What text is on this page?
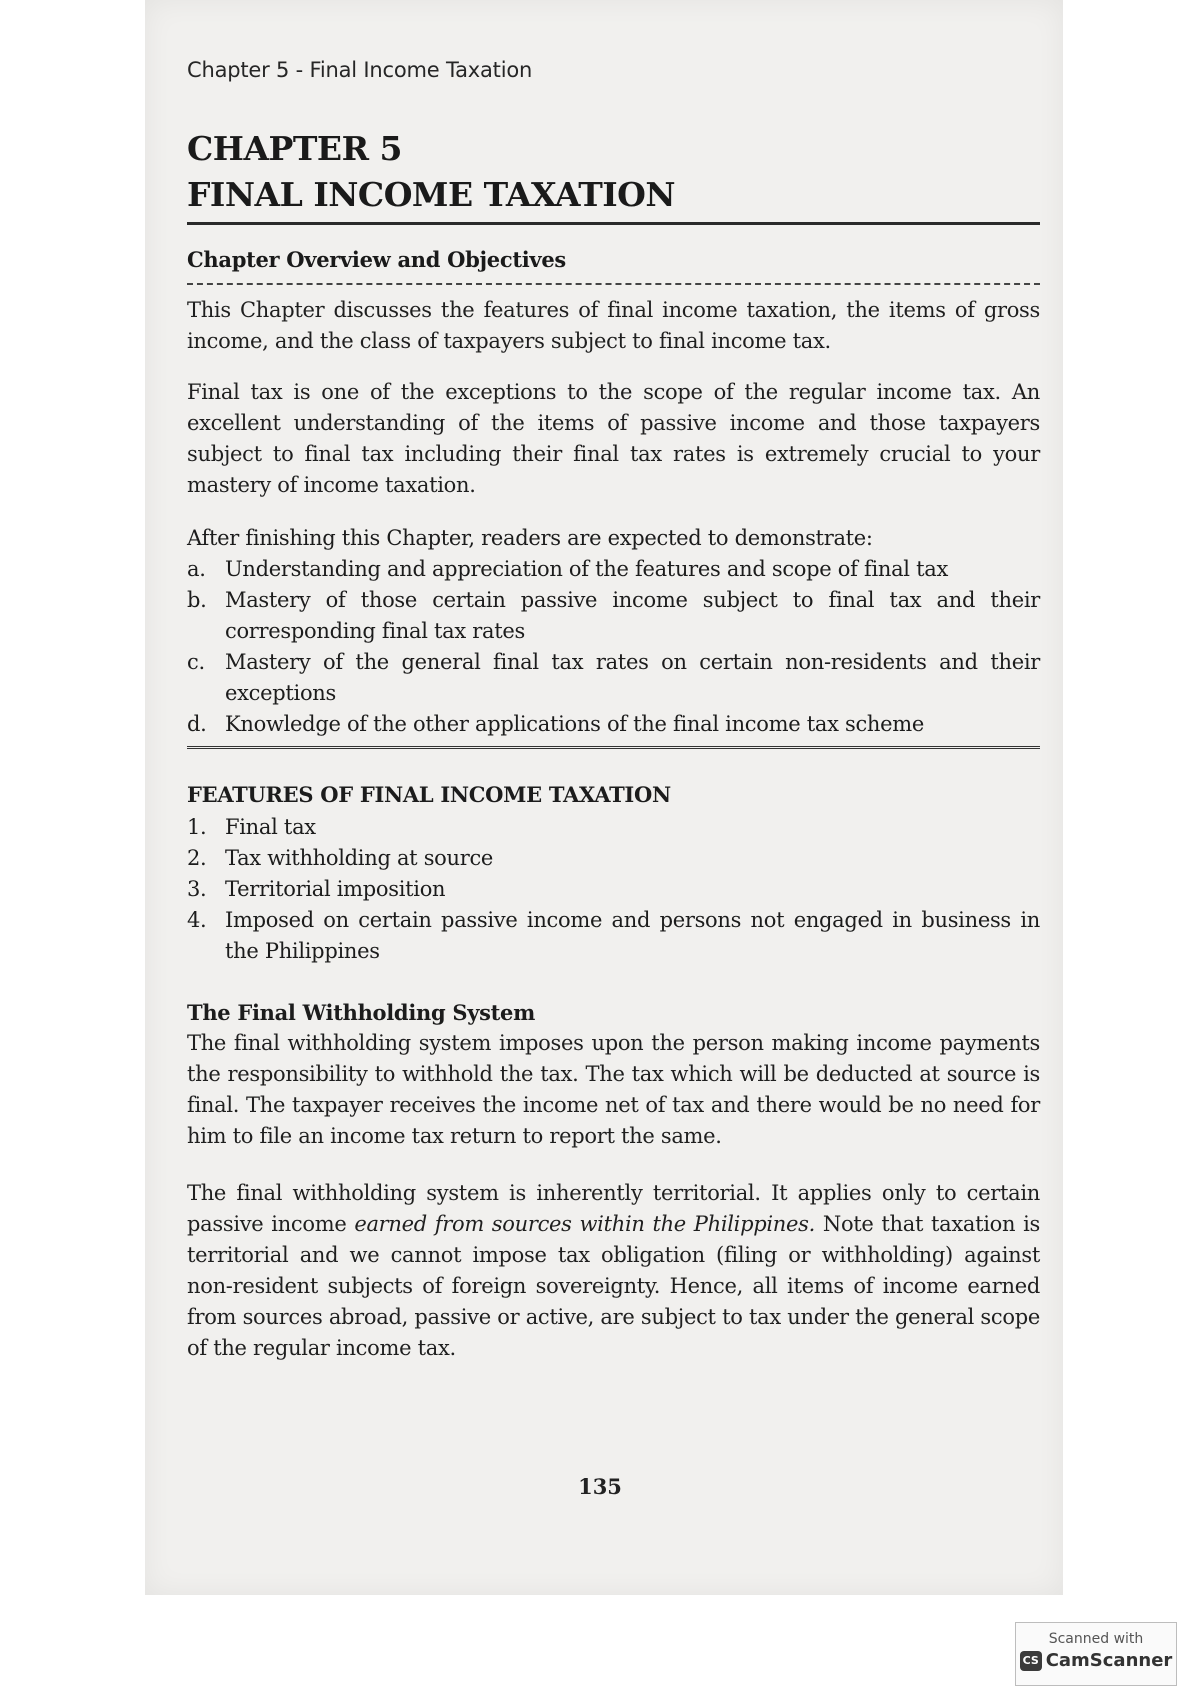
Chapter 5 - Final Income Taxation
CHAPTER 5
FINAL INCOME TAXATION
Chapter Overview and Objectives

This Chapter discusses the features of final income taxation, the items of gross income, and the class of taxpayers subject to final income tax.

Final tax is one of the exceptions to the scope of the regular income tax. An excellent understanding of the items of passive income and those taxpayers subject to final tax including their final tax rates is extremely crucial to your mastery of income taxation.

After finishing this Chapter, readers are expected to demonstrate:
a. Understanding and appreciation of the features and scope of final tax
b. Mastery of those certain passive income subject to final tax and their corresponding final tax rates
c. Mastery of the general final tax rates on certain non-residents and their exceptions
d. Knowledge of the other applications of the final income tax scheme
FEATURES OF FINAL INCOME TAXATION
1. Final tax
2. Tax withholding at source
3. Territorial imposition
4. Imposed on certain passive income and persons not engaged in business in the Philippines
The Final Withholding System

The final withholding system imposes upon the person making income payments the responsibility to withhold the tax. The tax which will be deducted at source is final. The taxpayer receives the income net of tax and there would be no need for him to file an income tax return to report the same.

The final withholding system is inherently territorial. It applies only to certain passive income earned from sources within the Philippines. Note that taxation is territorial and we cannot impose tax obligation (filing or withholding) against non-resident subjects of foreign sovereignty. Hence, all items of income earned from sources abroad, passive or active, are subject to tax under the general scope of the regular income tax.

135
Scanned with
CS CamScanner
